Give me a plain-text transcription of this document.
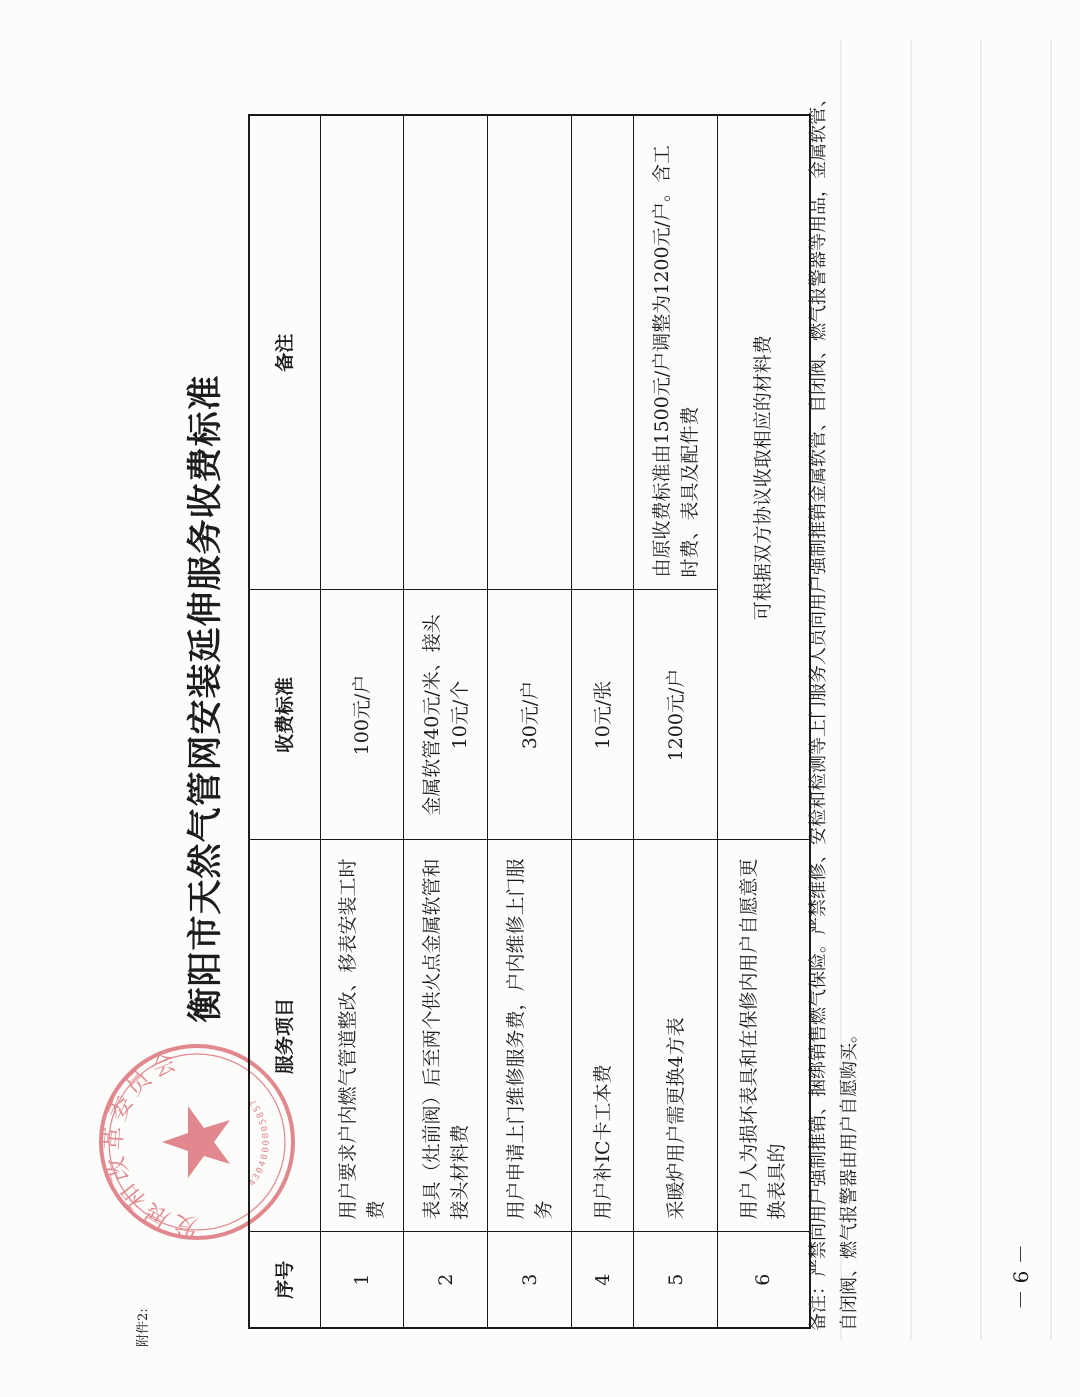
附件2:
发展和改革委员会
4304000005857
衡阳市天然气管网安装延伸服务收费标准
序号	服务项目	收费标准	备注
1	用户要求户内燃气管道整改、移表安装工时费	100元/户	
2	表具（灶前阀）后至两个供火点金属软管和接头材料费	金属软管40元/米、接头10元/个	
3	用户申请上门维修服务费，户内维修上门服务	30元/户	
4	用户补IC卡工本费	10元/张	
5	采暖炉用户需更换4方表	1200元/户	由原收费标准由1500元/户调整为1200元/户。含工时费、表具及配件费
6	用户人为损坏表具和在保修内用户自愿意更换表具的	可根据双方协议收取相应的材料费	备注：严禁向用户强制推销、捆绑销售燃气保险。严禁维修、安检和检测等上门服务人员向用户强制推销金属软管、自闭阀、燃气报警器等用品，金属软管、自闭阀、燃气报警器由用户自愿购买。	－ 6 －
